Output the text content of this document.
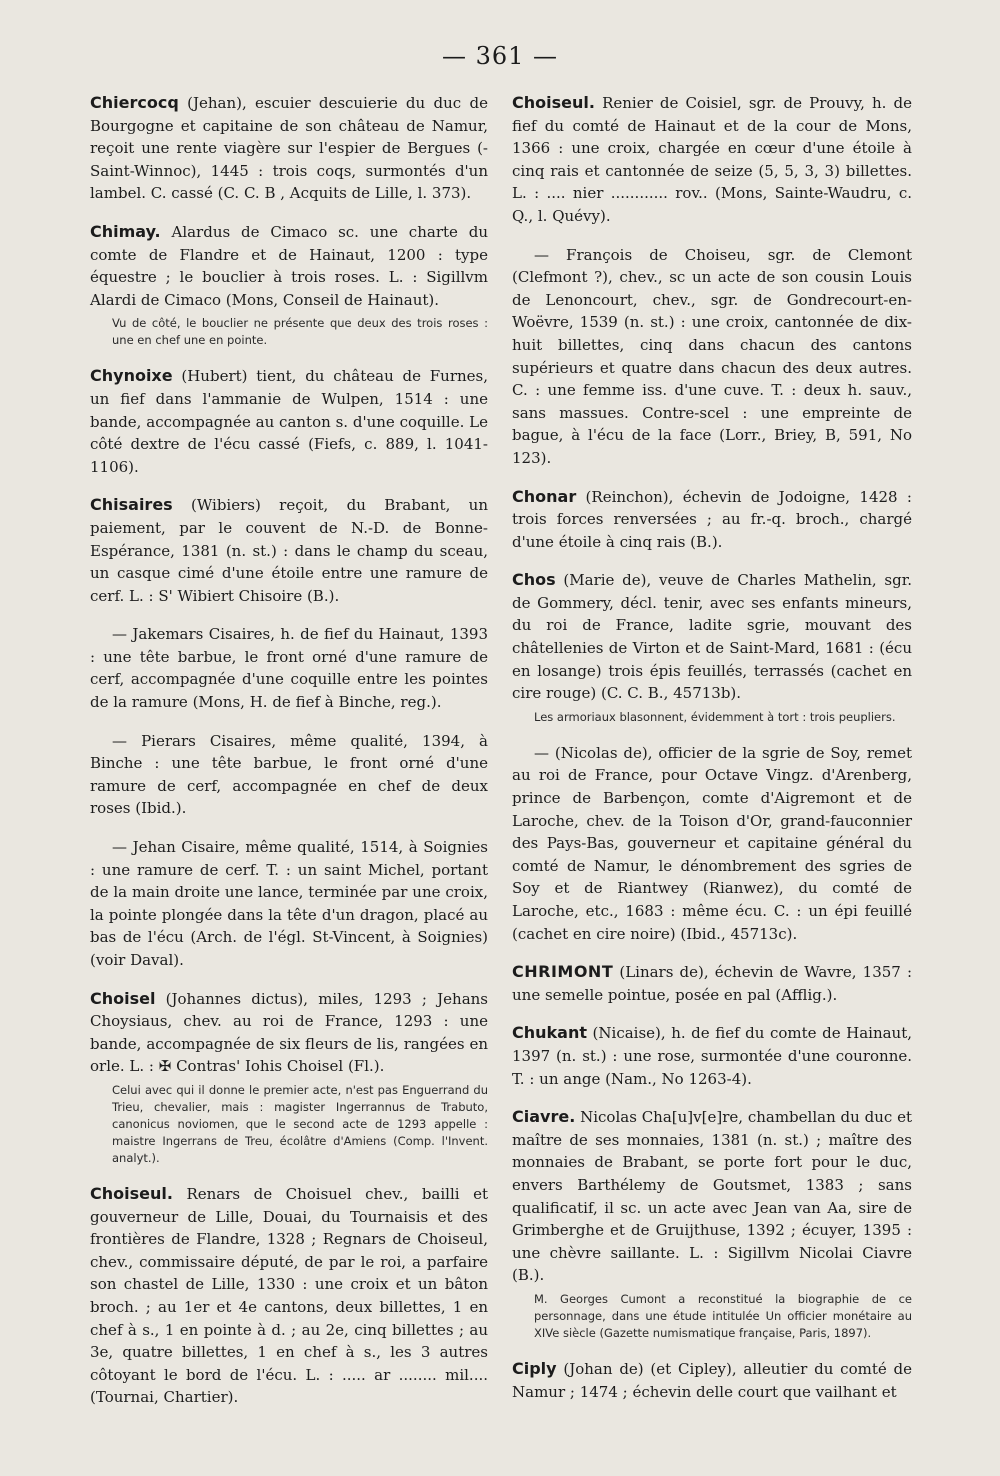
— 361 —

Chiercocq (Jehan), escuier descuierie du duc de Bourgogne et capitaine de son château de Namur, reçoit une rente viagère sur l'espier de Bergues (-Saint-Winnoc), 1445 : trois coqs, surmontés d'un lambel. C. cassé (C. C. B , Acquits de Lille, l. 373).

Chimay. Alardus de Cimaco sc. une charte du comte de Flandre et de Hainaut, 1200 : type équestre ; le bouclier à trois roses. L. : Sigillvm Alardi de Cimaco (Mons, Conseil de Hainaut).

Vu de côté, le bouclier ne présente que deux des trois roses : une en chef une en pointe.

Chynoixe (Hubert) tient, du château de Furnes, un fief dans l'ammanie de Wulpen, 1514 : une bande, accompagnée au canton s. d'une coquille. Le côté dextre de l'écu cassé (Fiefs, c. 889, l. 1041-1106).

Chisaires (Wibiers) reçoit, du Brabant, un paiement, par le couvent de N.-D. de Bonne-Espérance, 1381 (n. st.) : dans le champ du sceau, un casque cimé d'une étoile entre une ramure de cerf. L. : S' Wibiert Chisoire (B.).

— Jakemars Cisaires, h. de fief du Hainaut, 1393 : une tête barbue, le front orné d'une ramure de cerf, accompagnée d'une coquille entre les pointes de la ramure (Mons, H. de fief à Binche, reg.).

— Pierars Cisaires, même qualité, 1394, à Binche : une tête barbue, le front orné d'une ramure de cerf, accompagnée en chef de deux roses (Ibid.).

— Jehan Cisaire, même qualité, 1514, à Soignies : une ramure de cerf. T. : un saint Michel, portant de la main droite une lance, terminée par une croix, la pointe plongée dans la tête d'un dragon, placé au bas de l'écu (Arch. de l'égl. St-Vincent, à Soignies) (voir Daval).

Choisel (Johannes dictus), miles, 1293 ; Jehans Choysiaus, chev. au roi de France, 1293 : une bande, accompagnée de six fleurs de lis, rangées en orle. L. : ✠ Contras' Iohis Choisel (Fl.).

Celui avec qui il donne le premier acte, n'est pas Enguerrand du Trieu, chevalier, mais : magister Ingerrannus de Trabuto, canonicus noviomen, que le second acte de 1293 appelle : maistre Ingerrans de Treu, écolâtre d'Amiens (Comp. l'Invent. analyt.).

Choiseul. Renars de Choisuel chev., bailli et gouverneur de Lille, Douai, du Tournaisis et des frontières de Flandre, 1328 ; Regnars de Choiseul, chev., commissaire député, de par le roi, a parfaire son chastel de Lille, 1330 : une croix et un bâton broch. ; au 1er et 4e cantons, deux billettes, 1 en chef à s., 1 en pointe à d. ; au 2e, cinq billettes ; au 3e, quatre billettes, 1 en chef à s., les 3 autres côtoyant le bord de l'écu. L. : ..... ar ........ mil.... (Tournai, Chartier).

Choiseul. Renier de Coisiel, sgr. de Prouvy, h. de fief du comté de Hainaut et de la cour de Mons, 1366 : une croix, chargée en cœur d'une étoile à cinq rais et cantonnée de seize (5, 5, 3, 3) billettes. L. : .... nier ............ rov.. (Mons, Sainte-Waudru, c. Q., l. Quévy).

— François de Choiseu, sgr. de Clemont (Clefmont ?), chev., sc un acte de son cousin Louis de Lenoncourt, chev., sgr. de Gondrecourt-en-Woëvre, 1539 (n. st.) : une croix, cantonnée de dix-huit billettes, cinq dans chacun des cantons supérieurs et quatre dans chacun des deux autres. C. : une femme iss. d'une cuve. T. : deux h. sauv., sans massues. Contre-scel : une empreinte de bague, à l'écu de la face (Lorr., Briey, B, 591, No 123).

Chonar (Reinchon), échevin de Jodoigne, 1428 : trois forces renversées ; au fr.-q. broch., chargé d'une étoile à cinq rais (B.).

Chos (Marie de), veuve de Charles Mathelin, sgr. de Gommery, décl. tenir, avec ses enfants mineurs, du roi de France, ladite sgrie, mouvant des châtellenies de Virton et de Saint-Mard, 1681 : (écu en losange) trois épis feuillés, terrassés (cachet en cire rouge) (C. C. B., 45713b).

Les armoriaux blasonnent, évidemment à tort : trois peupliers.

— (Nicolas de), officier de la sgrie de Soy, remet au roi de France, pour Octave Vingz. d'Arenberg, prince de Barbençon, comte d'Aigremont et de Laroche, chev. de la Toison d'Or, grand-fauconnier des Pays-Bas, gouverneur et capitaine général du comté de Namur, le dénombrement des sgries de Soy et de Riantwey (Rianwez), du comté de Laroche, etc., 1683 : même écu. C. : un épi feuillé (cachet en cire noire) (Ibid., 45713c).

CHRIMONT (Linars de), échevin de Wavre, 1357 : une semelle pointue, posée en pal (Afflig.).

Chukant (Nicaise), h. de fief du comte de Hainaut, 1397 (n. st.) : une rose, surmontée d'une couronne. T. : un ange (Nam., No 1263-4).

Ciavre. Nicolas Cha[u]v[e]re, chambellan du duc et maître de ses monnaies, 1381 (n. st.) ; maître des monnaies de Brabant, se porte fort pour le duc, envers Barthélemy de Goutsmet, 1383 ; sans qualificatif, il sc. un acte avec Jean van Aa, sire de Grimberghe et de Gruijthuse, 1392 ; écuyer, 1395 : une chèvre saillante. L. : Sigillvm Nicolai Ciavre (B.).

M. Georges Cumont a reconstitué la biographie de ce personnage, dans une étude intitulée Un officier monétaire au XIVe siècle (Gazette numismatique française, Paris, 1897).

Ciply (Johan de) (et Cipley), alleutier du comté de Namur ; 1474 ; échevin delle court que vailhant et
